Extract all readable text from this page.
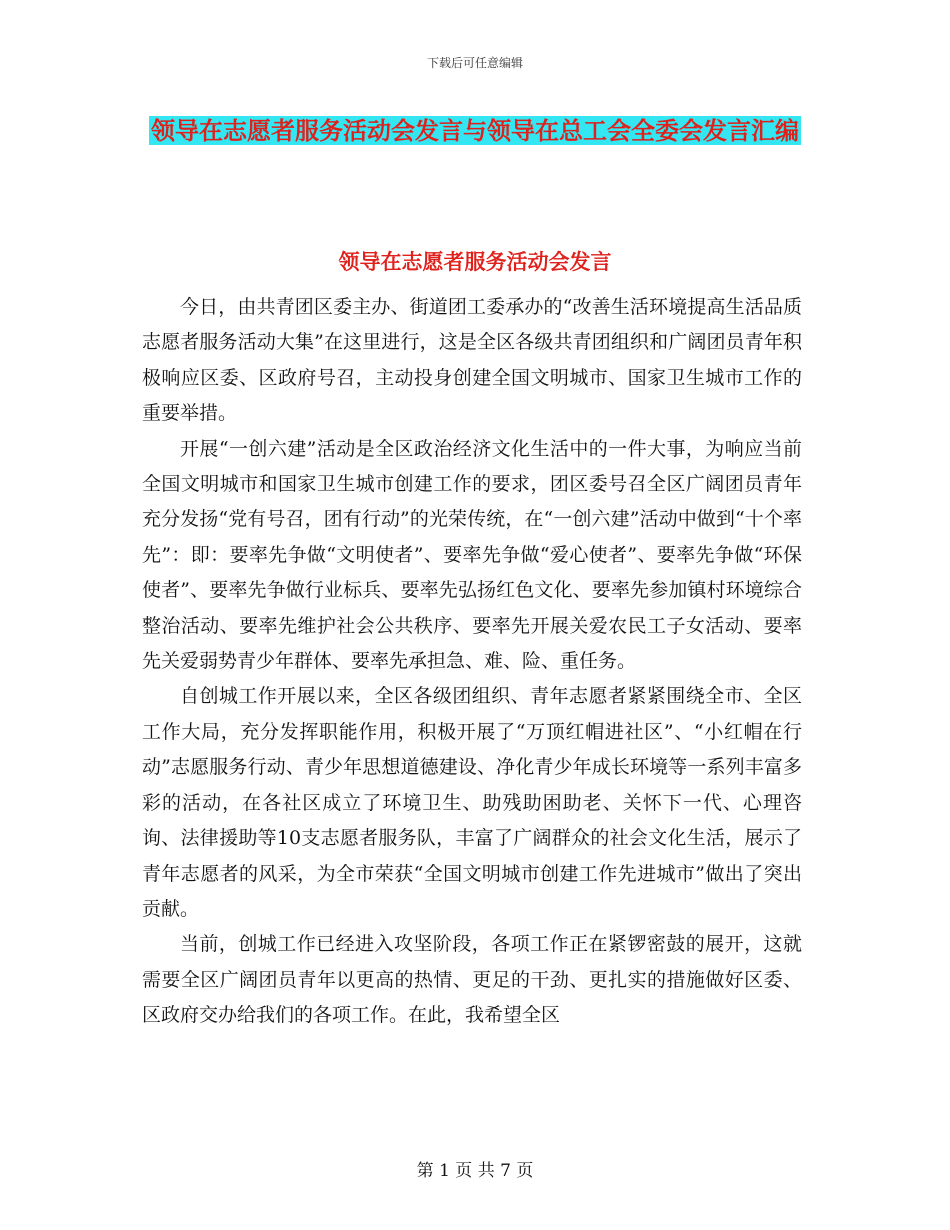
下载后可任意编辑
领导在志愿者服务活动会发言与领导在总工会全委会发言汇编
领导在志愿者服务活动会发言

今日，由共青团区委主办、街道团工委承办的“改善生活环境提高生活品质志愿者服务活动大集”在这里进行，这是全区各级共青团组织和广阔团员青年积极响应区委、区政府号召，主动投身创建全国文明城市、国家卫生城市工作的重要举措。

开展“一创六建”活动是全区政治经济文化生活中的一件大事，为响应当前全国文明城市和国家卫生城市创建工作的要求，团区委号召全区广阔团员青年充分发扬“党有号召，团有行动”的光荣传统，在“一创六建”活动中做到“十个率先”：即：要率先争做“文明使者”、要率先争做“爱心使者”、要率先争做“环保使者”、要率先争做行业标兵、要率先弘扬红色文化、要率先参加镇村环境综合整治活动、要率先维护社会公共秩序、要率先开展关爱农民工子女活动、要率先关爱弱势青少年群体、要率先承担急、难、险、重任务。

自创城工作开展以来，全区各级团组织、青年志愿者紧紧围绕全市、全区工作大局，充分发挥职能作用，积极开展了“万顶红帽进社区”、“小红帽在行动”志愿服务行动、青少年思想道德建设、净化青少年成长环境等一系列丰富多彩的活动，在各社区成立了环境卫生、助残助困助老、关怀下一代、心理咨询、法律援助等10支志愿者服务队，丰富了广阔群众的社会文化生活，展示了青年志愿者的风采，为全市荣获“全国文明城市创建工作先进城市”做出了突出贡献。

当前，创城工作已经进入攻坚阶段，各项工作正在紧锣密鼓的展开，这就需要全区广阔团员青年以更高的热情、更足的干劲、更扎实的措施做好区委、区政府交办给我们的各项工作。在此，我希望全区

第 1 页 共 7 页
